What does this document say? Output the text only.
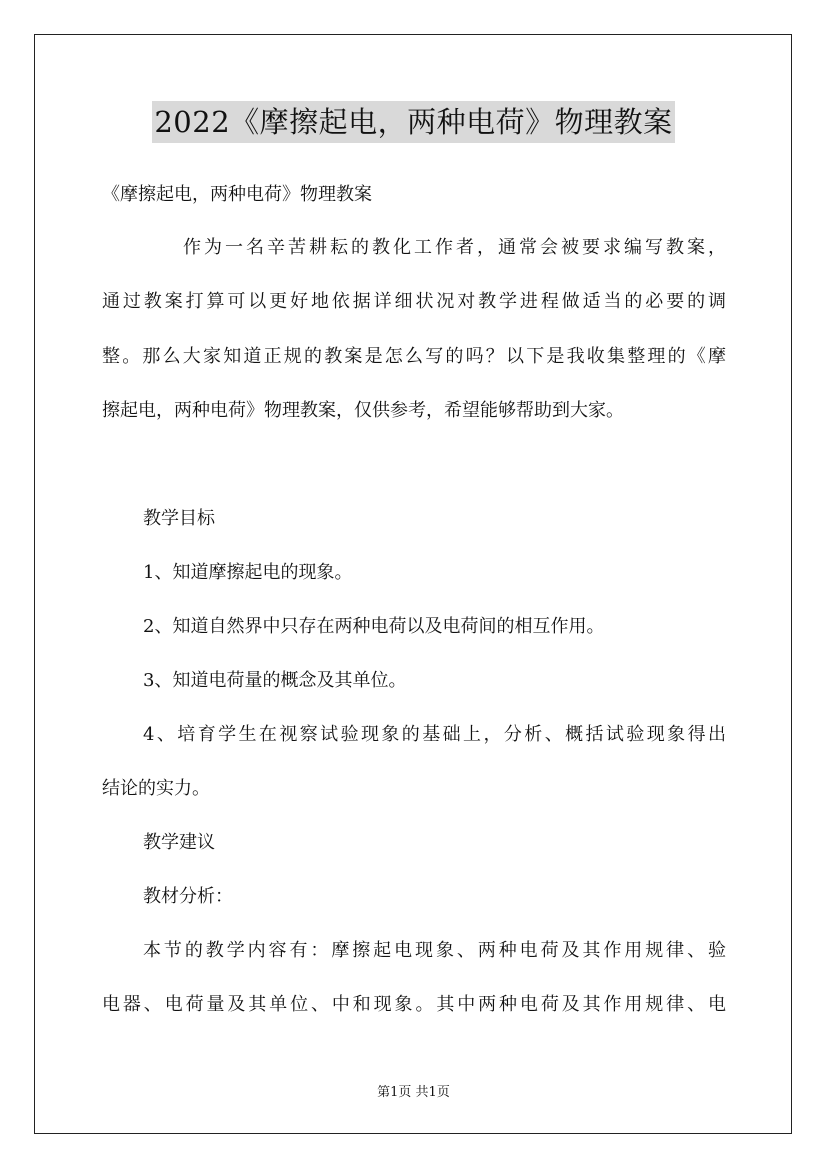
2022《摩擦起电，两种电荷》物理教案
《摩擦起电，两种电荷》物理教案
作为一名辛苦耕耘的教化工作者，通常会被要求编写教案，
通过教案打算可以更好地依据详细状况对教学进程做适当的必要的调
整。那么大家知道正规的教案是怎么写的吗？以下是我收集整理的《摩
擦起电，两种电荷》物理教案，仅供参考，希望能够帮助到大家。
教学目标
1、知道摩擦起电的现象。
2、知道自然界中只存在两种电荷以及电荷间的相互作用。
3、知道电荷量的概念及其单位。
4、培育学生在视察试验现象的基础上，分析、概括试验现象得出
结论的实力。
教学建议
教材分析：
本节的教学内容有：摩擦起电现象、两种电荷及其作用规律、验
电器、电荷量及其单位、中和现象。其中两种电荷及其作用规律、电
第1页 共1页
